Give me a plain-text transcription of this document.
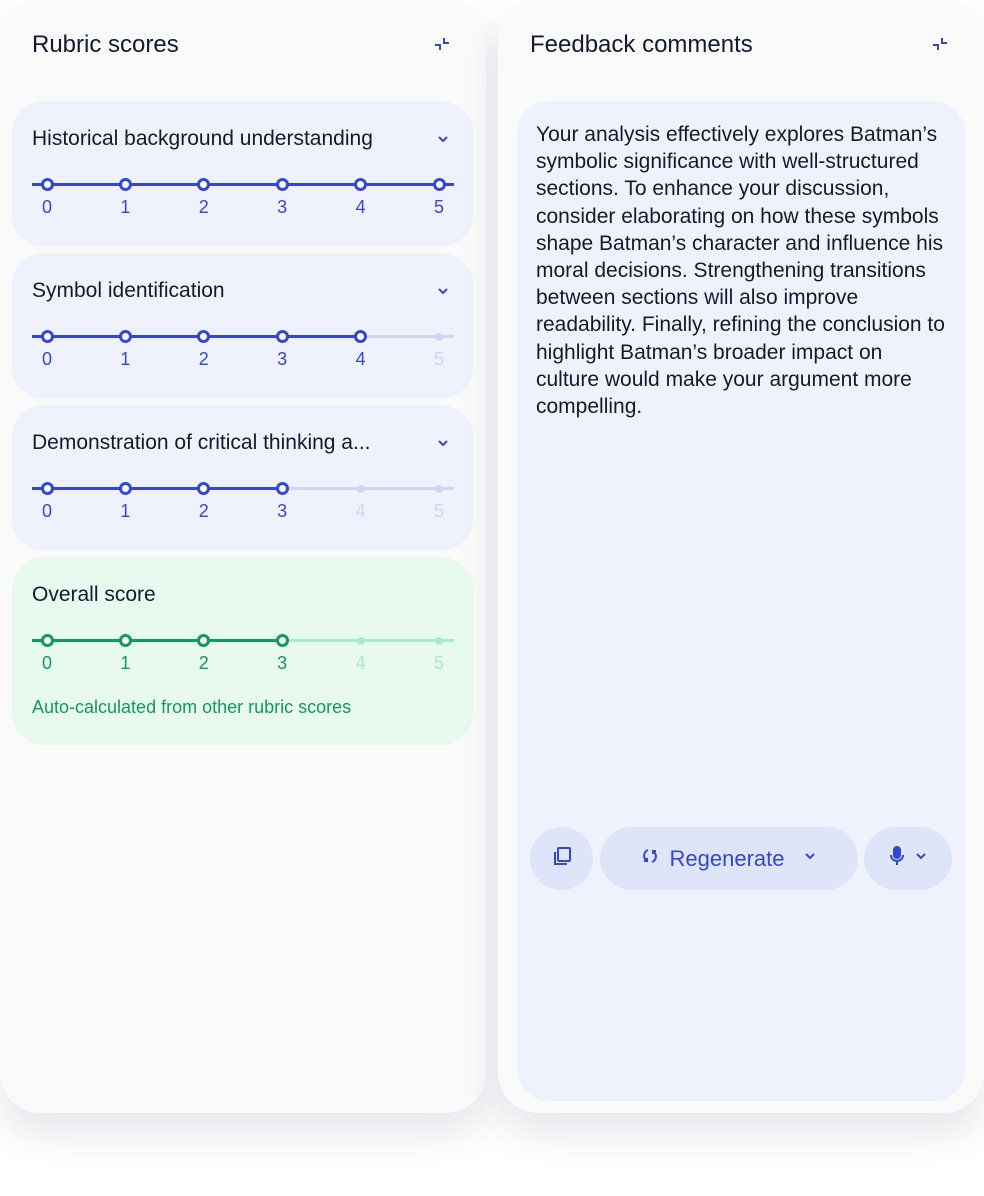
Rubric scores
Historical background understanding
0	1	2	3	4	5
Symbol identification
0	1	2	3	4	5
Demonstration of critical thinking a...
0	1	2	3	4	5
Overall score
0	1	2	3	4	5
Auto-calculated from other rubric scores
Feedback comments
Your analysis effectively explores Batman’s symbolic significance with well-structured sections. To enhance your discussion, consider elaborating on how these symbols shape Batman’s character and influence his moral decisions. Strengthening transitions between sections will also improve readability. Finally, refining the conclusion to highlight Batman’s broader impact on culture would make your argument more compelling.
Regenerate
